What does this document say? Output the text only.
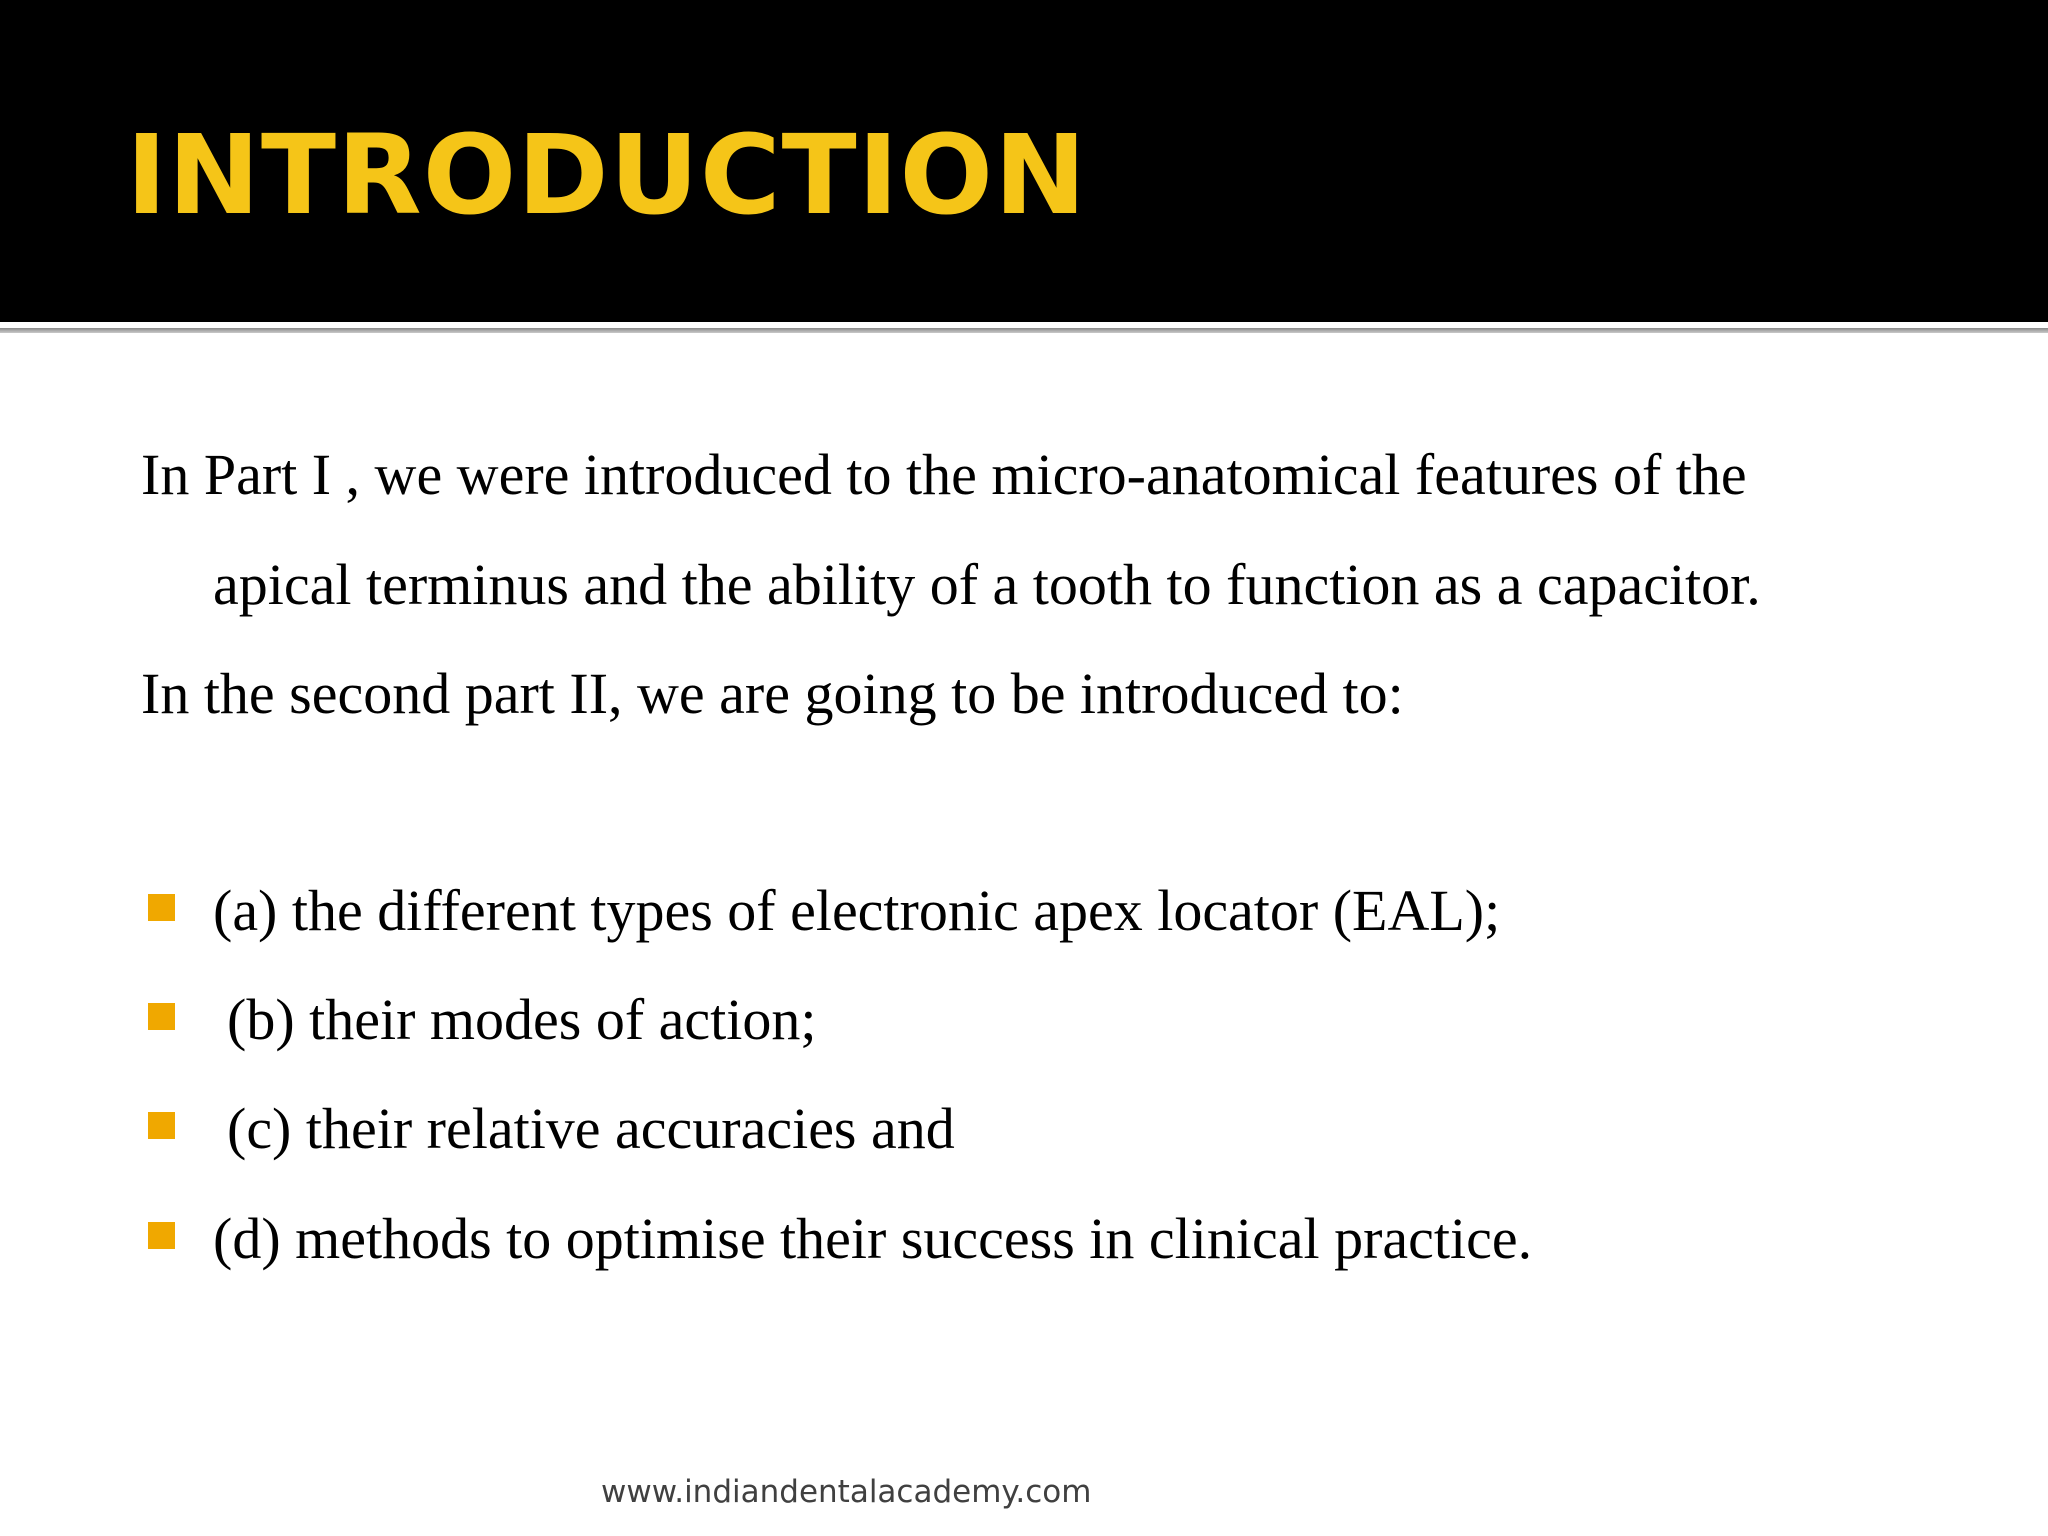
INTRODUCTION
In Part I , we were introduced to the micro-anatomical features of the
apical terminus and the ability of a tooth to function as a capacitor.
In the second part II, we are going to be introduced to:
(a) the different types of electronic apex locator (EAL);
(b) their modes of action;
(c) their relative accuracies and
(d) methods to optimise their success in clinical practice.
www.indiandentalacademy.com
